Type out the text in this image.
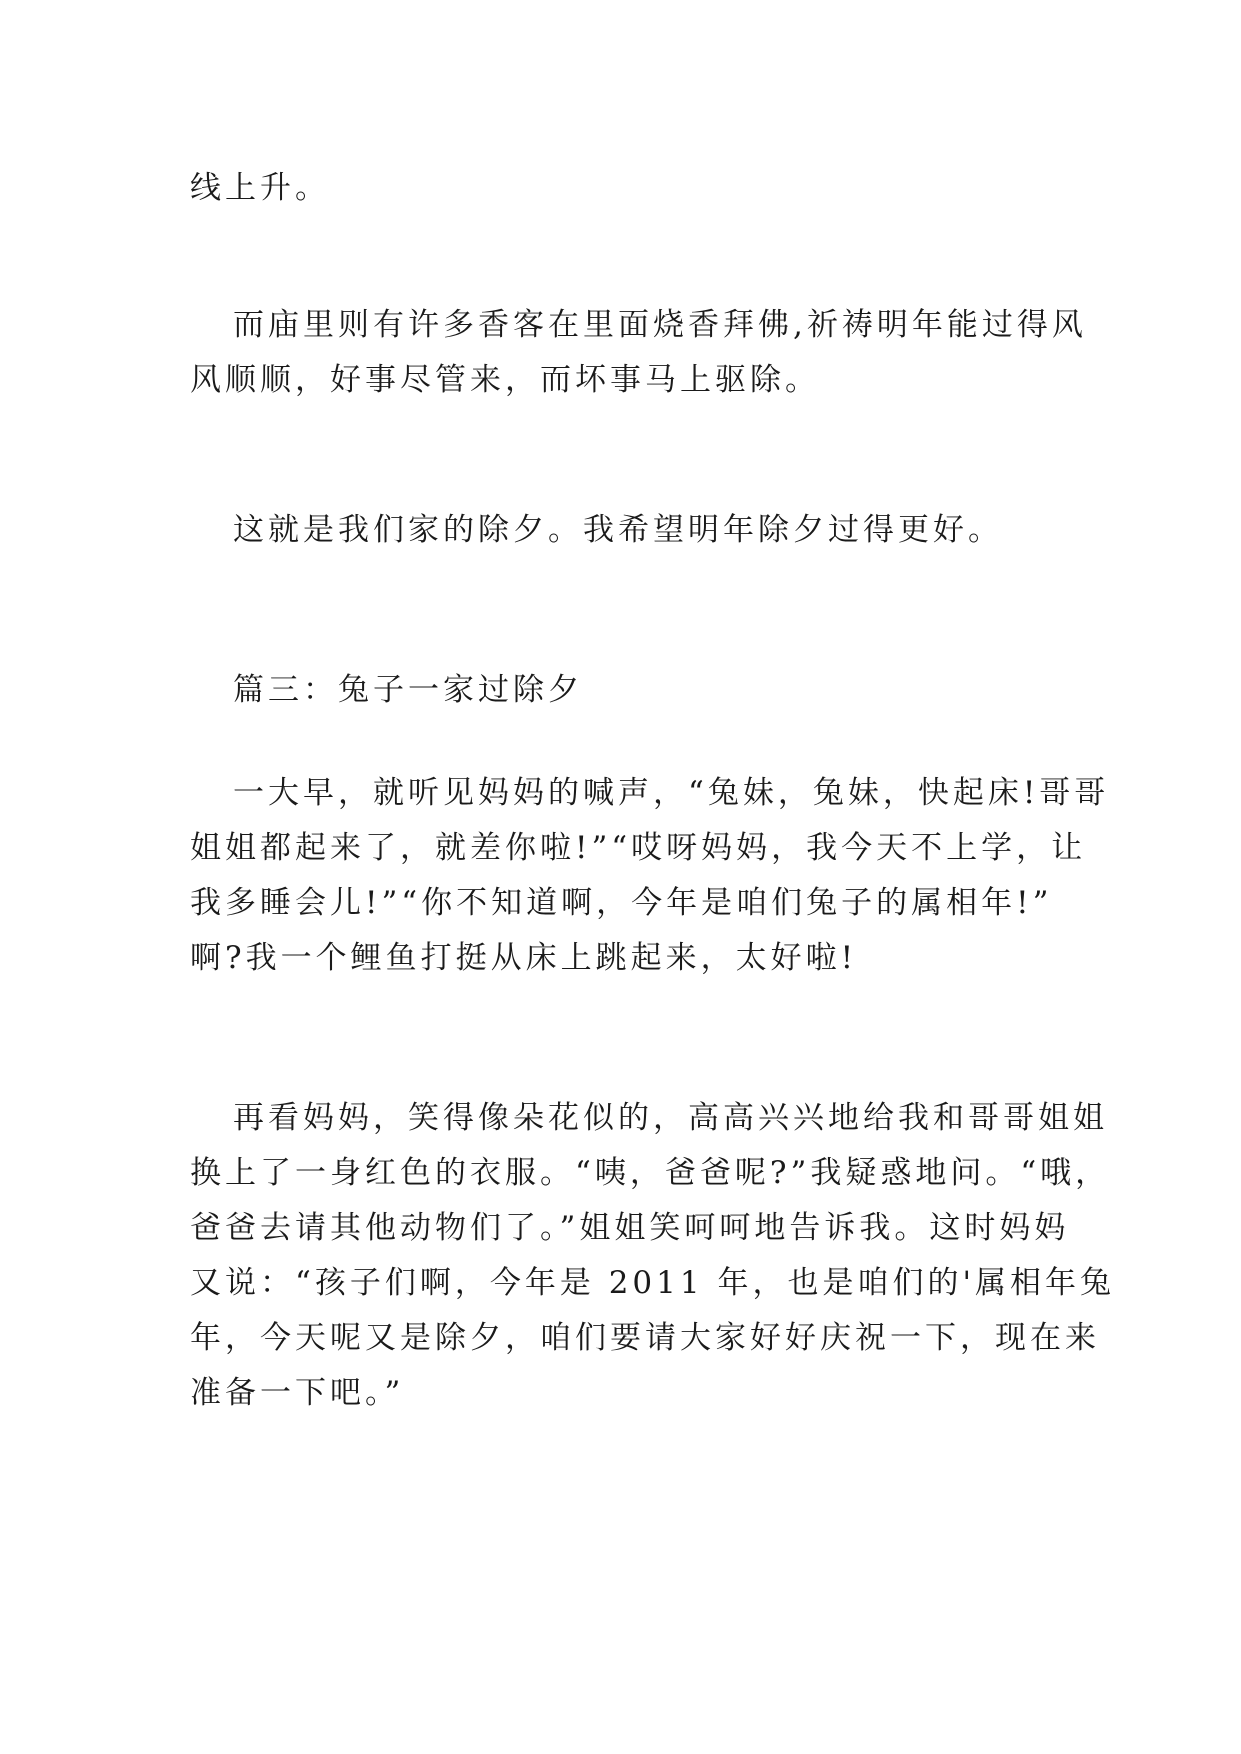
线上升。
而庙里则有许多香客在里面烧香拜佛,祈祷明年能过得风
风顺顺，好事尽管来，而坏事马上驱除。
这就是我们家的除夕。我希望明年除夕过得更好。
篇三：兔子一家过除夕
一大早，就听见妈妈的喊声，“兔妹，兔妹，快起床!哥哥
姐姐都起来了，就差你啦!”“哎呀妈妈，我今天不上学，让
我多睡会儿!”“你不知道啊，今年是咱们兔子的属相年!”
啊?我一个鲤鱼打挺从床上跳起来，太好啦!
再看妈妈，笑得像朵花似的，高高兴兴地给我和哥哥姐姐
换上了一身红色的衣服。“咦，爸爸呢?”我疑惑地问。“哦，
爸爸去请其他动物们了。”姐姐笑呵呵地告诉我。这时妈妈
又说：“孩子们啊，今年是 2011 年，也是咱们的'属相年兔
年，今天呢又是除夕，咱们要请大家好好庆祝一下，现在来
准备一下吧。”
